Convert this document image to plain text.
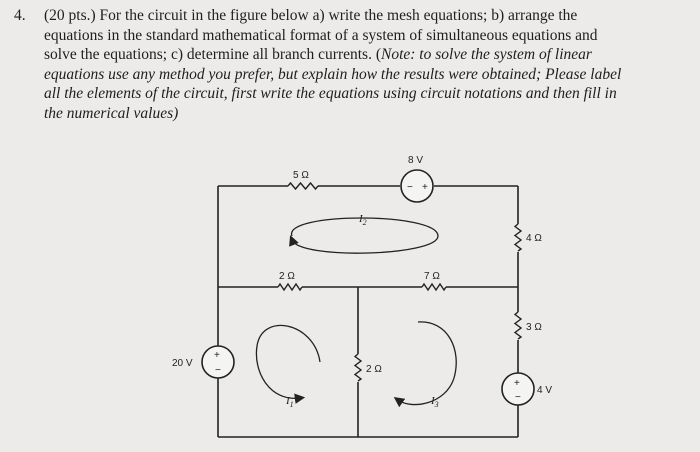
4. (20 pts.) For the circuit in the figure below a) write the mesh equations; b) arrange the
equations in the standard mathematical format of a system of simultaneous equations and
solve the equations; c) determine all branch currents. (Note: to solve the system of linear
equations use any method you prefer, but explain how the results were obtained; Please label
all the elements of the circuit, first write the equations using circuit notations and then fill in
the numerical values)
− +
+
−
+
−
5 Ω
8 V
2 Ω	7 Ω
4 Ω
3 Ω
2 Ω
20 V
4 V
$I_2$
$I_1$	$I_3$
